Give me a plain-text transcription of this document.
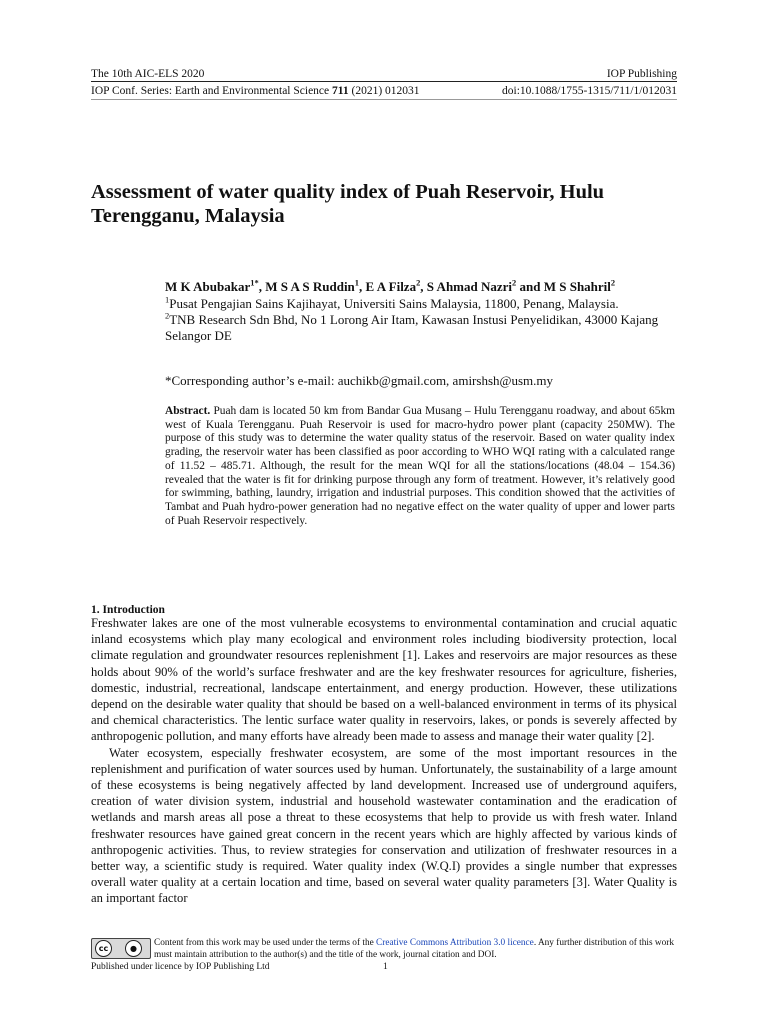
The 10th AIC-ELS 2020	IOP Publishing
IOP Conf. Series: Earth and Environmental Science 711 (2021) 012031	doi:10.1088/1755-1315/711/1/012031
Assessment of water quality index of Puah Reservoir, Hulu Terengganu, Malaysia
M K Abubakar$^{1*}$, M S A S Ruddin$^1$, E A Filza$^2$, S Ahmad Nazri$^2$ and M S Shahril$^2$
$^1$Pusat Pengajian Sains Kajihayat, Universiti Sains Malaysia, 11800, Penang, Malaysia.
$^2$TNB Research Sdn Bhd, No 1 Lorong Air Itam, Kawasan Instusi Penyelidikan, 43000 Kajang Selangor DE
*Corresponding author’s e-mail: auchikb@gmail.com, amirshsh@usm.my
Abstract. Puah dam is located 50 km from Bandar Gua Musang – Hulu Terengganu roadway, and about 65km west of Kuala Terengganu. Puah Reservoir is used for macro-hydro power plant (capacity 250MW). The purpose of this study was to determine the water quality status of the reservoir. Based on water quality index grading, the reservoir water has been classified as poor according to WHO WQI rating with a calculated range of 11.52 – 485.71. Although, the result for the mean WQI for all the stations/locations (48.04 – 154.36) revealed that the water is fit for drinking purpose through any form of treatment. However, it’s relatively good for swimming, bathing, laundry, irrigation and industrial purposes. This condition showed that the activities of Tambat and Puah hydro-power generation had no negative effect on the water quality of upper and lower parts of Puah Reservoir respectively.
1. Introduction

Freshwater lakes are one of the most vulnerable ecosystems to environmental contamination and crucial aquatic inland ecosystems which play many ecological and environment roles including biodiversity protection, local climate regulation and groundwater resources replenishment [1]. Lakes and reservoirs are major resources as these holds about 90% of the world’s surface freshwater and are the key freshwater resources for agriculture, fisheries, domestic, industrial, recreational, landscape entertainment, and energy production. However, these utilizations depend on the desirable water quality that should be based on a well-balanced environment in terms of its physical and chemical characteristics. The lentic surface water quality in reservoirs, lakes, or ponds is severely affected by anthropogenic pollution, and many efforts have already been made to assess and manage their water quality [2].

Water ecosystem, especially freshwater ecosystem, are some of the most important resources in the replenishment and purification of water sources used by human. Unfortunately, the sustainability of a large amount of these ecosystems is being negatively affected by land development. Increased use of underground aquifers, creation of water division system, industrial and household wastewater contamination and the eradication of wetlands and marsh areas all pose a threat to these ecosystems that help to provide us with fresh water. Inland freshwater resources have gained great concern in the recent years which are highly affected by various kinds of anthropogenic activities. Thus, to review strategies for conservation and utilization of freshwater resources in a better way, a scientific study is required. Water quality index (W.Q.I) provides a single number that expresses overall water quality at a certain location and time, based on several water quality parameters [3]. Water Quality is an important factor

cc	●
Content from this work may be used under the terms of the Creative Commons Attribution 3.0 licence. Any further distribution of this work must maintain attribution to the author(s) and the title of the work, journal citation and DOI.
Published under licence by IOP Publishing Ltd	1
